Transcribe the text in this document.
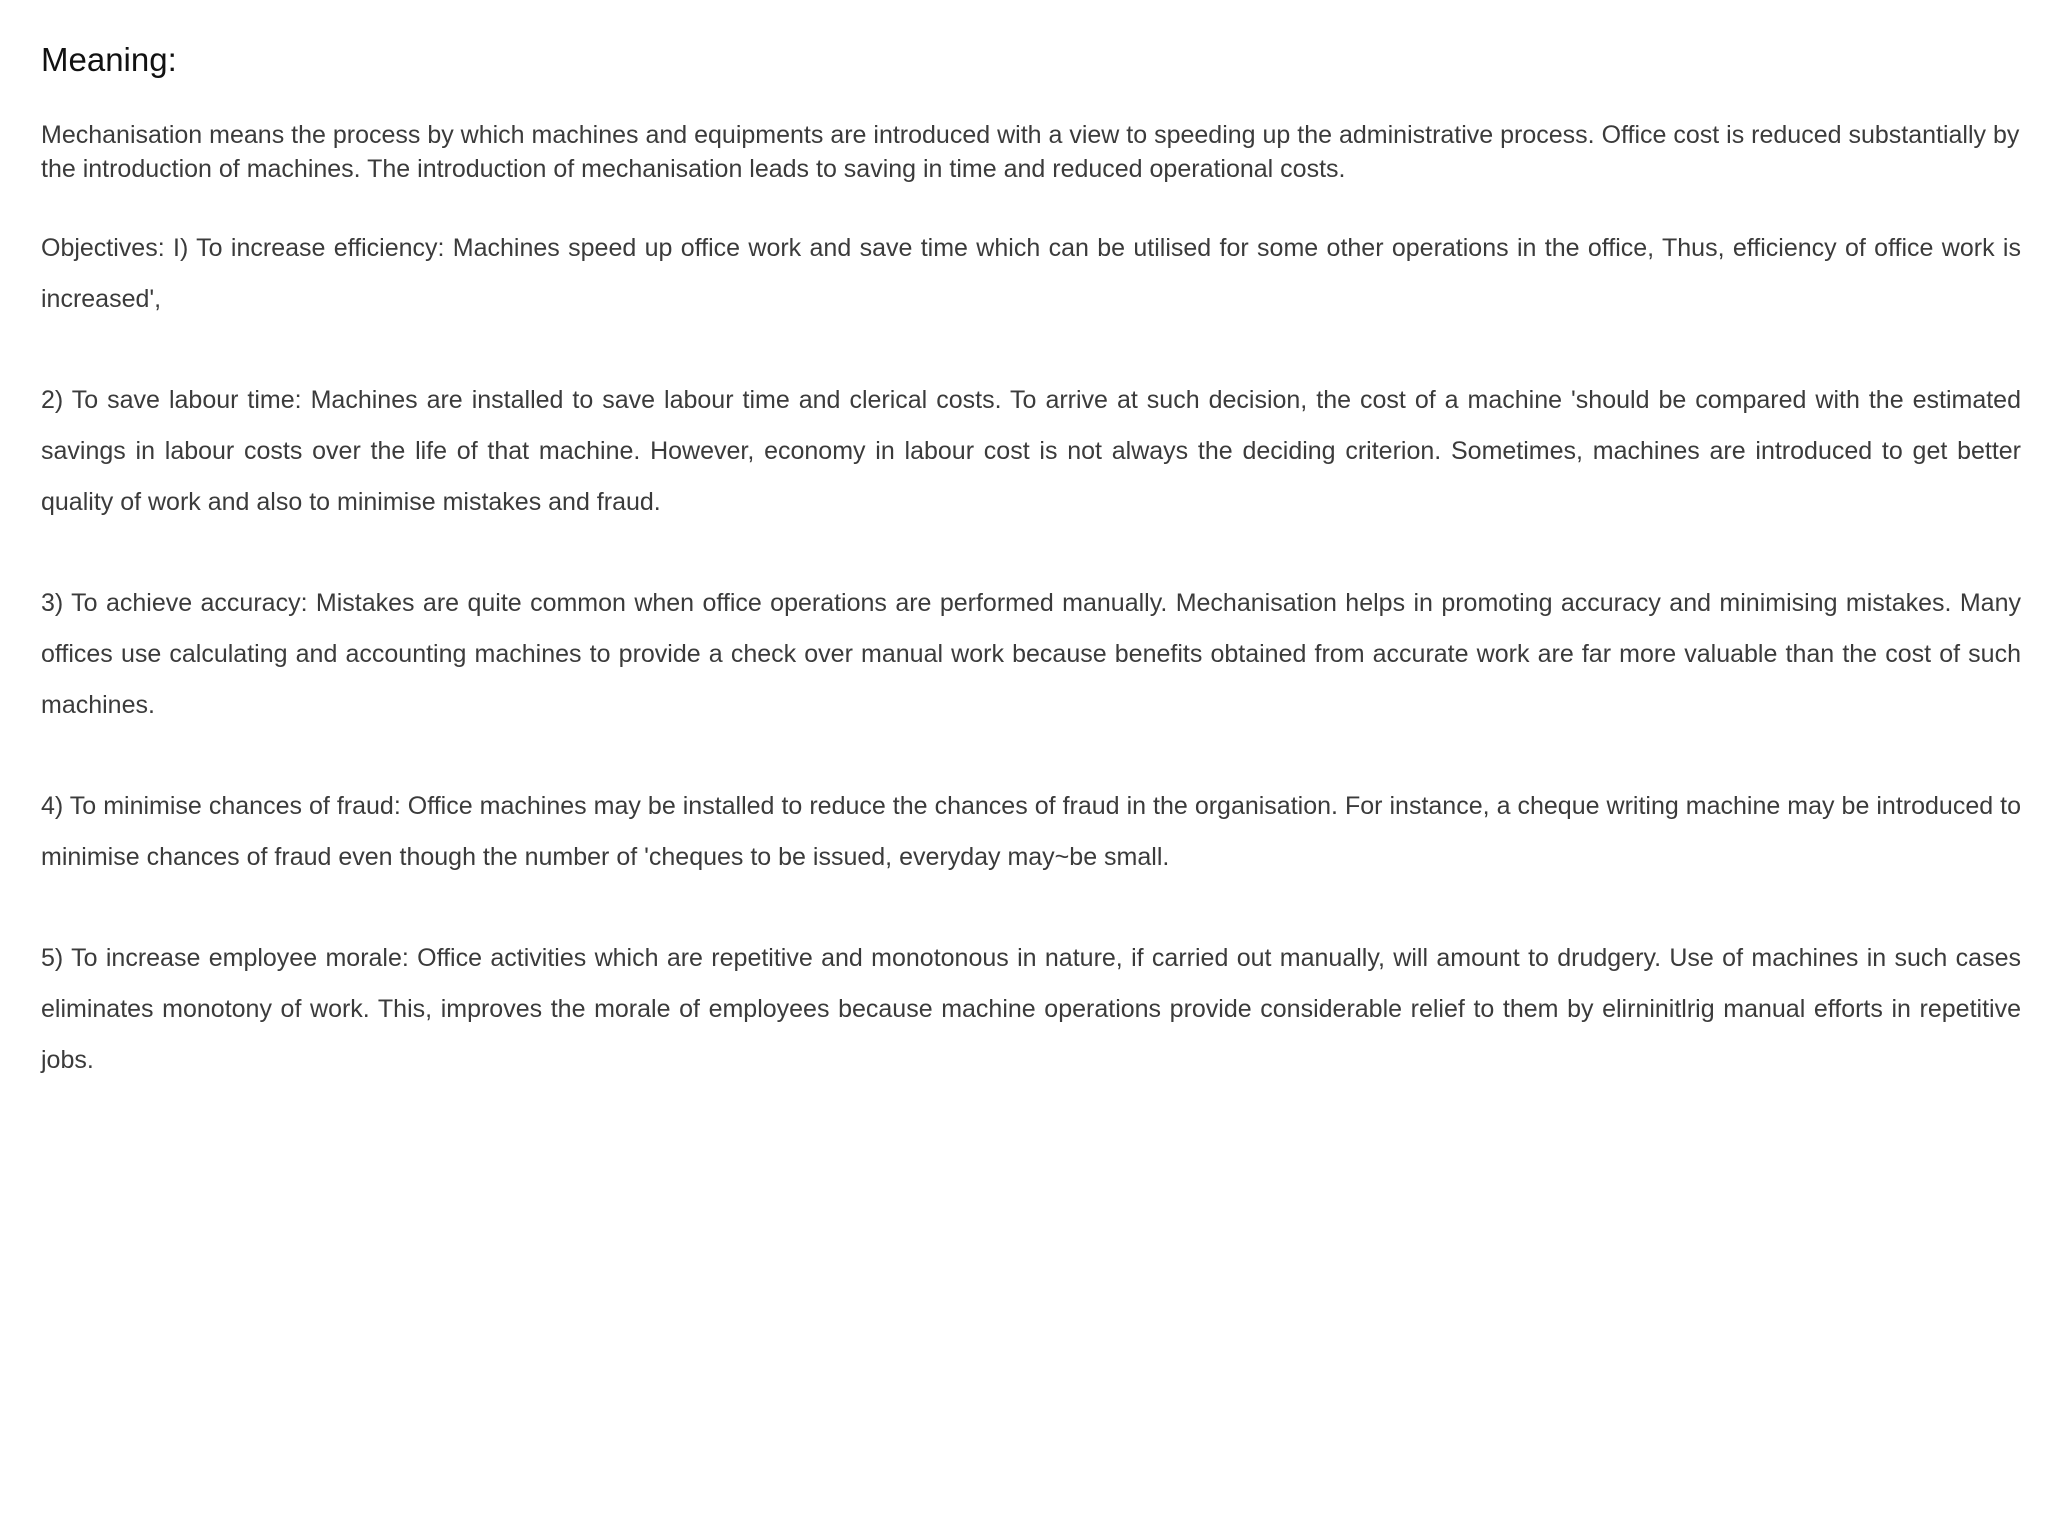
Meaning:

Mechanisation means the process by which machines and equipments are introduced with a view to speeding up the administrative process. Office cost is reduced substantially by the introduction of machines. The introduction of mechanisation leads to saving in time and reduced operational costs.

Objectives: I) To increase efficiency: Machines speed up office work and save time which can be utilised for some other operations in the office, Thus, efficiency of office work is increased',

2) To save labour time: Machines are installed to save labour time and clerical costs. To arrive at such decision, the cost of a machine 'should be compared with the estimated savings in labour costs over the life of that machine. However, economy in labour cost is not always the deciding criterion. Sometimes, machines are introduced to get better quality of work and also to minimise mistakes and fraud.

3) To achieve accuracy: Mistakes are quite common when office operations are performed manually. Mechanisation helps in promoting accuracy and minimising mistakes. Many offices use calculating and accounting machines to provide a check over manual work because benefits obtained from accurate work are far more valuable than the cost of such machines.

4) To minimise chances of fraud: Office machines may be installed to reduce the chances of fraud in the organisation. For instance, a cheque writing machine may be introduced to minimise chances of fraud even though the number of 'cheques to be issued, everyday may~be small.

5) To increase employee morale: Office activities which are repetitive and monotonous in nature, if carried out manually, will amount to drudgery. Use of machines in such cases eliminates monotony of work. This, improves the morale of employees because machine operations provide considerable relief to them by elirninitlrig manual efforts in repetitive jobs.
